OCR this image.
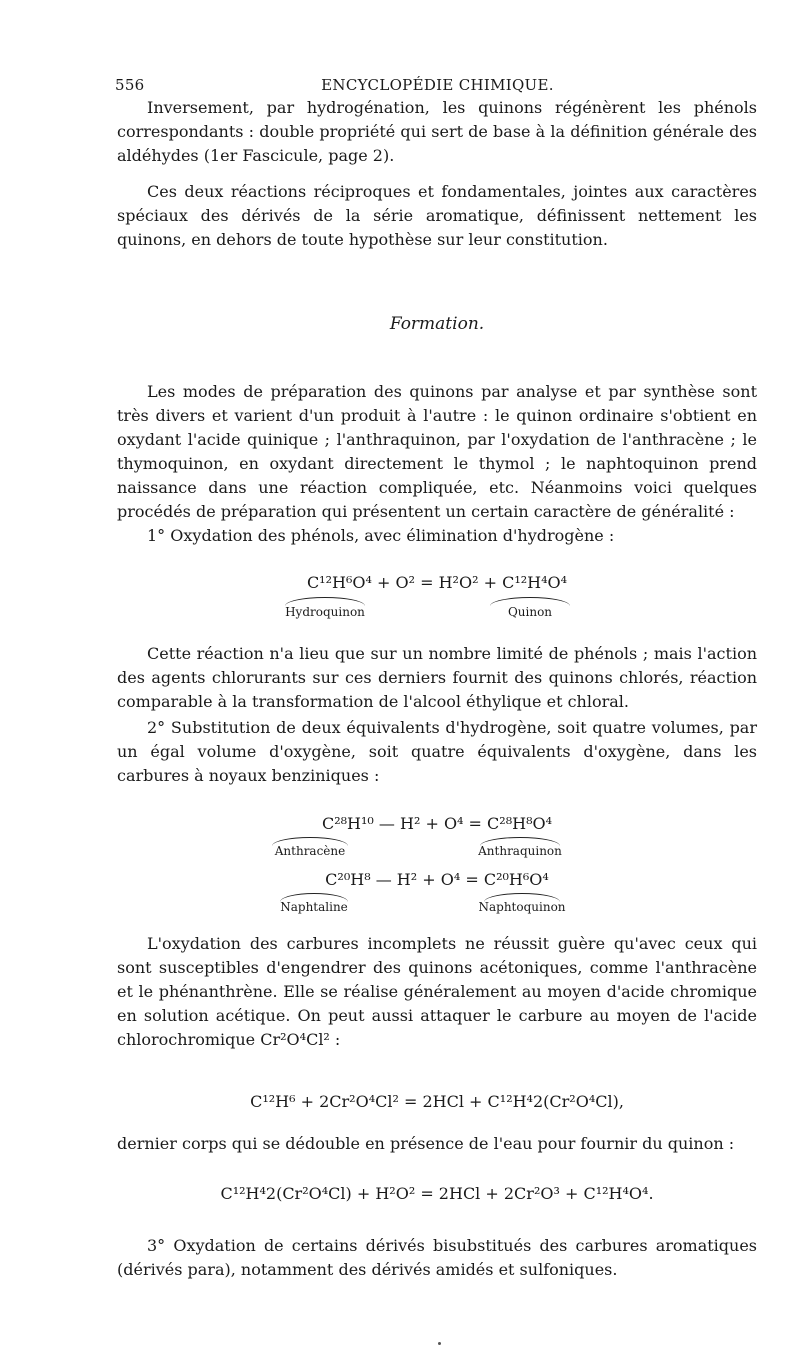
556	ENCYCLOPÉDIE CHIMIQUE.

Inversement, par hydrogénation, les quinons régénèrent les phénols correspondants : double propriété qui sert de base à la définition générale des aldéhydes (1er Fascicule, page 2).

Ces deux réactions réciproques et fondamentales, jointes aux caractères spéciaux des dérivés de la série aromatique, définissent nettement les quinons, en dehors de toute hypothèse sur leur constitution.

Formation.

Les modes de préparation des quinons par analyse et par synthèse sont très divers et varient d'un produit à l'autre : le quinon ordinaire s'obtient en oxydant l'acide quinique ; l'anthraquinon, par l'oxydation de l'anthracène ; le thymoquinon, en oxydant directement le thymol ; le naphtoquinon prend naissance dans une réaction compliquée, etc. Néanmoins voici quelques procédés de préparation qui présentent un certain caractère de généralité :

1° Oxydation des phénols, avec élimination d'hydrogène :

C¹²H⁶O⁴ + O² = H²O² + C¹²H⁴O⁴
Hydroquinon	Quinon

Cette réaction n'a lieu que sur un nombre limité de phénols ; mais l'action des agents chlorurants sur ces derniers fournit des quinons chlorés, réaction comparable à la transformation de l'alcool éthylique et chloral.

2° Substitution de deux équivalents d'hydrogène, soit quatre volumes, par un égal volume d'oxygène, soit quatre équivalents d'oxygène, dans les carbures à noyaux benziniques :

C²⁸H¹⁰ — H² + O⁴ = C²⁸H⁸O⁴
Anthracène	Anthraquinon
C²⁰H⁸ — H² + O⁴ = C²⁰H⁶O⁴
Naphtaline	Naphtoquinon

L'oxydation des carbures incomplets ne réussit guère qu'avec ceux qui sont susceptibles d'engendrer des quinons acétoniques, comme l'anthracène et le phénanthrène. Elle se réalise généralement au moyen d'acide chromique en solution acétique. On peut aussi attaquer le carbure au moyen de l'acide chlorochromique Cr²O⁴Cl² :

C¹²H⁶ + 2Cr²O⁴Cl² = 2HCl + C¹²H⁴2(Cr²O⁴Cl),

dernier corps qui se dédouble en présence de l'eau pour fournir du quinon :

C¹²H⁴2(Cr²O⁴Cl) + H²O² = 2HCl + 2Cr²O³ + C¹²H⁴O⁴.

3° Oxydation de certains dérivés bisubstitués des carbures aromatiques (dérivés para), notamment des dérivés amidés et sulfoniques.
